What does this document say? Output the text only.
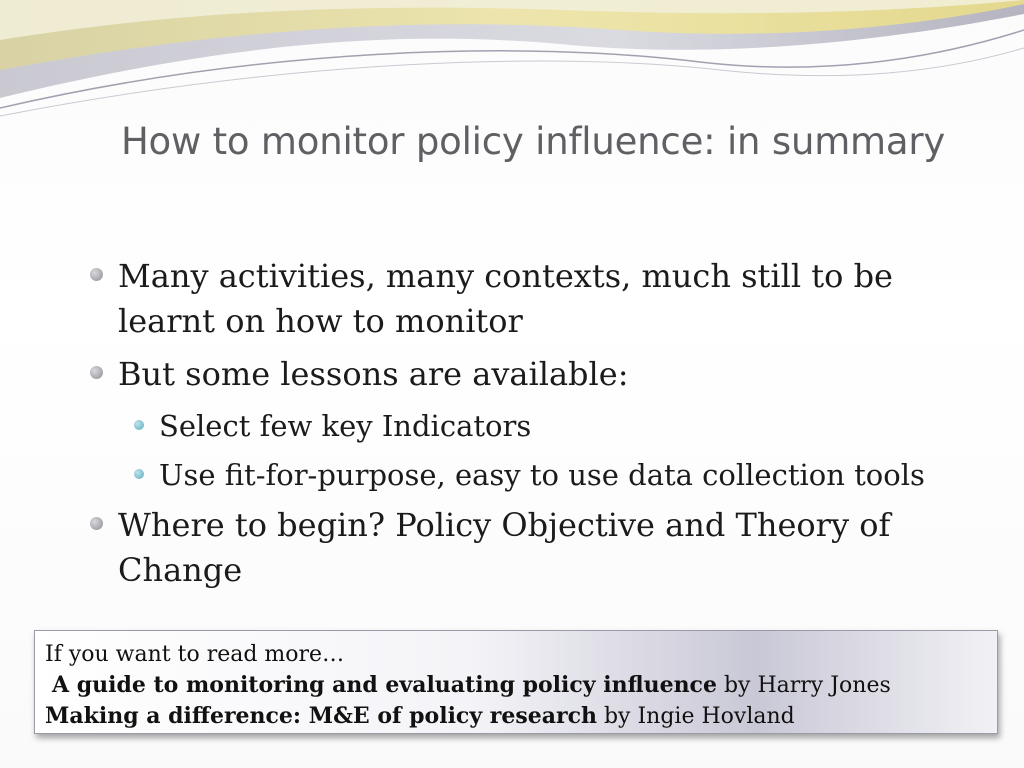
How to monitor policy influence: in summary
Many activities, many contexts, much still to be learnt on how to monitor
But some lessons are available:
Select few key Indicators
Use fit-for-purpose, easy to use data collection tools
Where to begin? Policy Objective and Theory of Change
If you want to read more…
A guide to monitoring and evaluating policy influence by Harry Jones
Making a difference: M&E of policy research by Ingie Hovland
